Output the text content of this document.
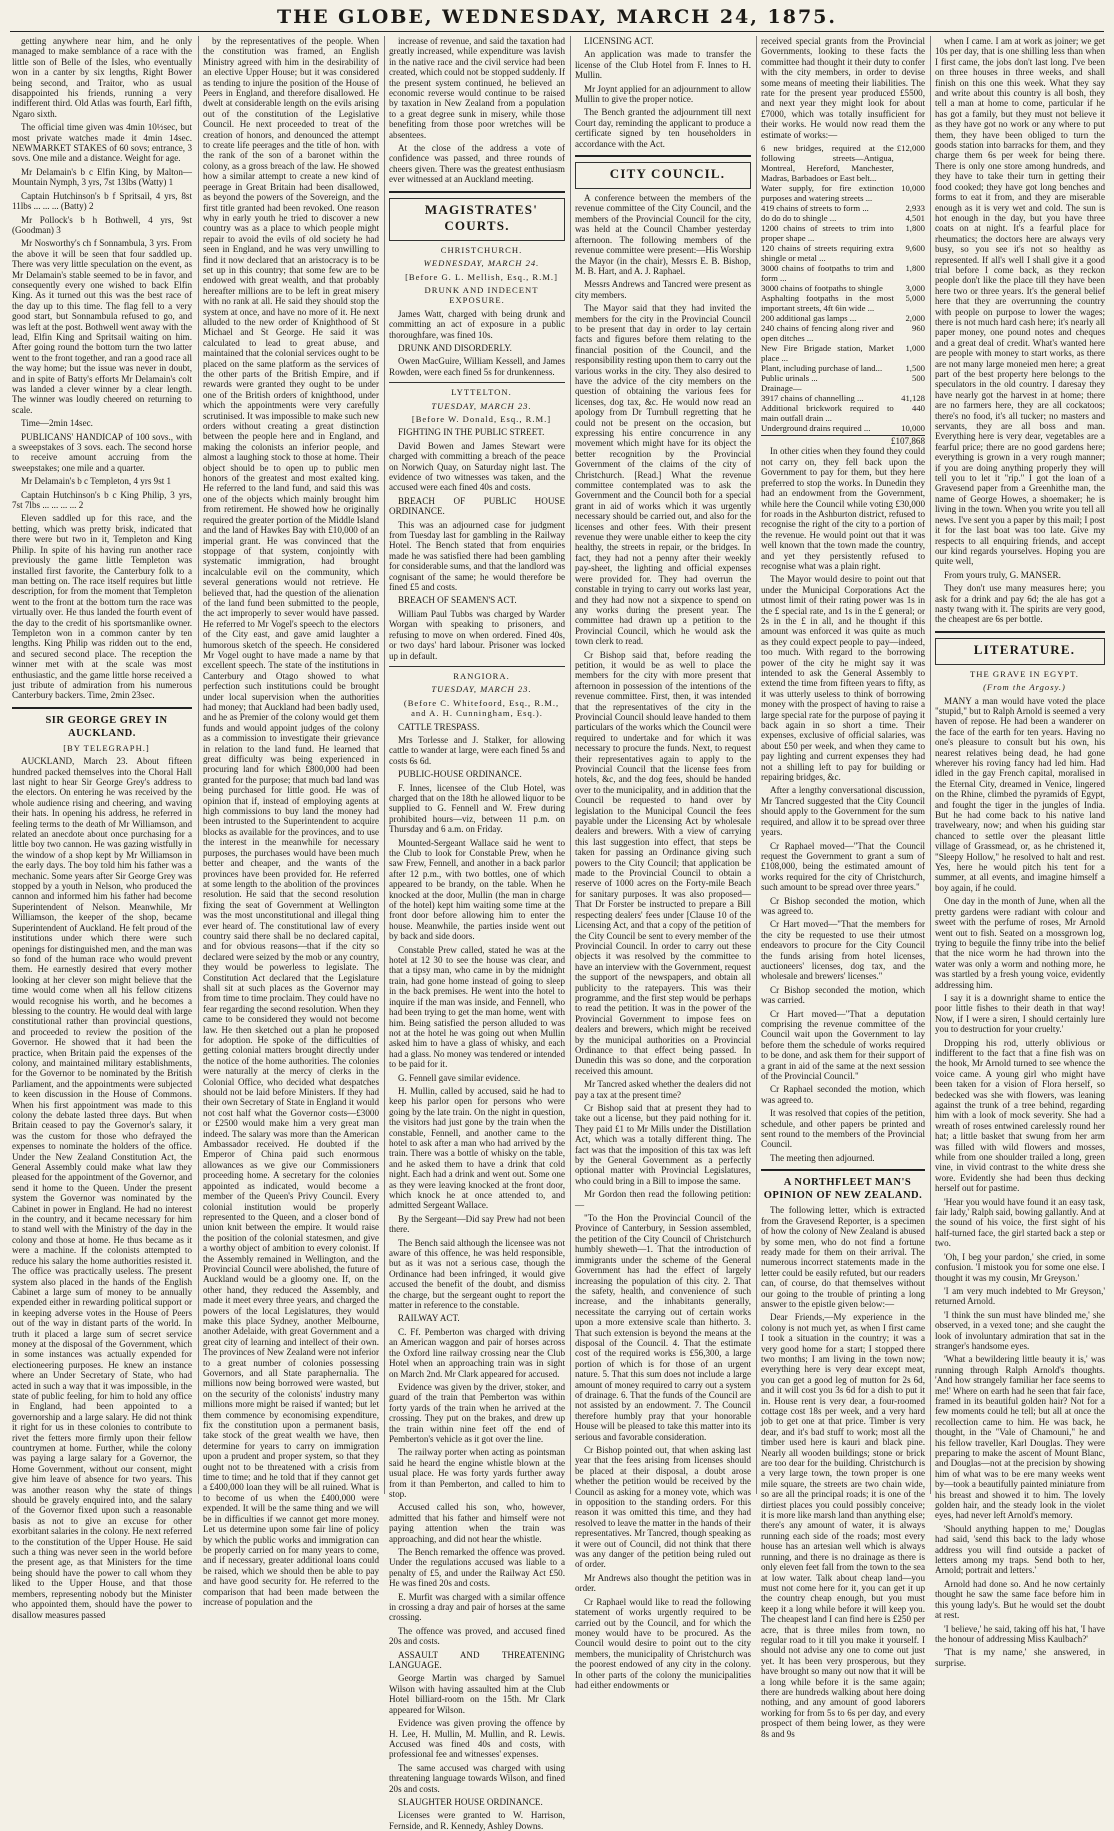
THE GLOBE, WEDNESDAY, MARCH 24, 1875.

getting anywhere near him, and he only managed to make semblance of a race with the little son of Belle of the Isles, who eventually won in a canter by six lengths, Right Bower being second, and Traitor, who as usual disappointed his friends, running a very indifferent third. Old Atlas was fourth, Earl fifth, Ngaro sixth.

The official time given was 4min 10½sec, but most private watches made it 4min 14sec. NEWMARKET STAKES of 60 sovs; entrance, 3 sovs. One mile and a distance. Weight for age.

Mr Delamain's b c Elfin King, by Malton—Mountain Nymph, 3 yrs, 7st 13lbs (Watty) 1

Captain Hutchinson's b f Spritsail, 4 yrs, 8st 11lbs ... ... ... (Batty) 2

Mr Pollock's b h Bothwell, 4 yrs, 9st (Goodman) 3

Mr Nosworthy's ch f Sonnambula, 3 yrs. From the above it will be seen that four saddled up. There was very little speculation on the event, as Mr Delamain's stable seemed to be in favor, and consequently every one wished to back Elfin King. As it turned out this was the best race of the day up to this time. The flag fell to a very good start, but Sonnambula refused to go, and was left at the post. Bothwell went away with the lead, Elfin King and Spritsail waiting on him. After going round the bottom turn the two latter went to the front together, and ran a good race all the way home; but the issue was never in doubt, and in spite of Batty's efforts Mr Delamain's colt was landed a clever winner by a clear length. The winner was loudly cheered on returning to scale.

Time—2min 14sec.

PUBLICANS' HANDICAP of 100 sovs., with a sweepstakes of 3 sovs. each. The second horse to receive amount accruing from the sweepstakes; one mile and a quarter.

Mr Delamain's b c Templeton, 4 yrs 9st 1

Captain Hutchinson's b c King Philip, 3 yrs, 7st 7lbs ... ... ... ... 2

Eleven saddled up for this race, and the betting, which was pretty brisk, indicated that there were but two in it, Templeton and King Philip. In spite of his having run another race previously the game little Templeton was installed first favorite, the Canterbury folk to a man betting on. The race itself requires but little description, for from the moment that Templeton went to the front at the bottom turn the race was virtually over. He thus landed the fourth event of the day to the credit of his sportsmanlike owner. Templeton won in a common canter by ten lengths. King Philip was ridden out to the end, and secured second place. The reception the winner met with at the scale was most enthusiastic, and the game little horse received a just tribute of admiration from his numerous Canterbury backers. Time, 2min 23sec.

SIR GEORGE GREY IN AUCKLAND.

[BY TELEGRAPH.]

AUCKLAND, March 23. About fifteen hundred packed themselves into the Choral Hall last night to hear Sir George Grey's address to the electors. On entering he was received by the whole audience rising and cheering, and waving their hats. In opening his address, he referred in feeling terms to the death of Mr Williamson, and related an anecdote about once purchasing for a little boy two cannon. He was gazing wistfully in the window of a shop kept by Mr Williamson in the early days. The boy told him his father was a mechanic. Some years after Sir George Grey was stopped by a youth in Nelson, who produced the cannon and informed him his father had become Superintendent of Nelson. Meanwhile, Mr Williamson, the keeper of the shop, became Superintendent of Auckland. He felt proud of the institutions under which there were such openings for distinguished men, and the man was so fond of the human race who would prevent them. He earnestly desired that every mother looking at her clever son might believe that the time would come when all his fellow citizens would recognise his worth, and he becomes a blessing to the country. He would deal with large constitutional rather than provincial questions, and proceeded to review the position of the Governor. He showed that it had been the practice, when Britain paid the expenses of the colony, and maintained military establishments, for the Governor to be nominated by the British Parliament, and the appointments were subjected to keen discussion in the House of Commons. When his first appointment was made to this colony the debate lasted three days. But when Britain ceased to pay the Governor's salary, it was the custom for those who defrayed the expenses to nominate the holders of the office. Under the New Zealand Constitution Act, the General Assembly could make what law they pleased for the appointment of the Governor, and send it home to the Queen. Under the present system the Governor was nominated by the Cabinet in power in England. He had no interest in the country, and it became necessary for him to stand well with the Ministry of the day in the colony and those at home. He thus became as it were a machine. If the colonists attempted to reduce his salary the home authorities resisted it. The office was practically useless. The present system also placed in the hands of the English Cabinet a large sum of money to be annually expended either in rewarding political support or in keeping adverse votes in the House of Peers out of the way in distant parts of the world. In truth it placed a large sum of secret service money at the disposal of the Government, which in some instances was actually expended for electioneering purposes. He knew an instance where an Under Secretary of State, who had acted in such a way that it was impossible, in the state of public feeling, for him to hold any office in England, had been appointed to a governorship and a large salary. He did not think it right for us in these colonies to contribute to rivet the fetters more firmly upon their fellow countrymen at home. Further, while the colony was paying a large salary for a Governor, the Home Government, without our consent, might give him leave of absence for two years. This was another reason why the state of things should be gravely enquired into, and the salary of the Governor fixed upon such a reasonable basis as not to give an excuse for other exorbitant salaries in the colony. He next referred to the constitution of the Upper House. He said such a thing was never seen in the world before the present age, as that Ministers for the time being should have the power to call whom they liked to the Upper House, and that those members, representing nobody but the Minister who appointed them, should have the power to disallow measures passed

by the representatives of the people. When the constitution was framed, an English Ministry agreed with him in the desirability of an elective Upper House; but it was considered as tending to injure the position of the House of Peers in England, and therefore disallowed. He dwelt at considerable length on the evils arising out of the constitution of the Legislative Council. He next proceeded to treat of the creation of honors, and denounced the attempt to create life peerages and the title of hon. with the rank of the son of a baronet within the colony, as a gross breach of the law. He showed how a similar attempt to create a new kind of peerage in Great Britain had been disallowed, as beyond the powers of the Sovereign, and the first title granted had been revoked. One reason why in early youth he tried to discover a new country was as a place to which people might repair to avoid the evils of old society he had seen in England, and he was very unwilling to find it now declared that an aristocracy is to be set up in this country; that some few are to be endowed with great wealth, and that probably hereafter millions are to be left in great misery with no rank at all. He said they should stop the system at once, and have no more of it. He next alluded to the new order of Knighthood of St Michael and St George. He said it was calculated to lead to great abuse, and maintained that the colonial services ought to be placed on the same platform as the services of the other parts of the British Empire, and if rewards were granted they ought to be under one of the British orders of knighthood, under which the appointments were very carefully scrutinised. It was impossible to make such new orders without creating a great distinction between the people here and in England, and making the colonists an inferior people, and almost a laughing stock to those at home. Their object should be to open up to public men honors of the greatest and most exalted king. He referred to the land fund, and said this was one of the objects which mainly brought him from retirement. He showed how he originally required the greater portion of the Middle Island and the land of Hawkes Bay with £10,000 of an imperial grant. He was convinced that the stoppage of that system, conjointly with systematic immigration, had brought incalculable evil on the community, which several generations would not retrieve. He believed that, had the question of the alienation of the land fund been submitted to the people, the act improperly to sever would have passed. He referred to Mr Vogel's speech to the electors of the City east, and gave amid laughter a humorous sketch of the speech. He considered Mr Vogel ought to have made a name by that excellent speech. The state of the institutions in Canterbury and Otago showed to what perfection such institutions could be brought under local supervision when the authorities had money; that Auckland had been badly used, and he as Premier of the colony would get them funds and would appoint judges of the colony as a commission to investigate their grievance in relation to the land fund. He learned that great difficulty was being experienced in procuring land for which £800,000 had been granted for the purpose; that much bad land was being purchased for little good. He was of opinion that if, instead of employing agents at high commissions to buy land the money had been intrusted to the Superintendent to acquire blocks as available for the provinces, and to use the interest in the meanwhile for necessary purposes, the purchases would have been much better and cheaper, and the wants of the provinces have been provided for. He referred at some length to the abolition of the provinces resolution. He said that the second resolution fixing the seat of Government at Wellington was the most unconstitutional and illegal thing ever heard of. The constitutional law of every country said there shall be no declared capital, and for obvious reasons—that if the city so declared were seized by the mob or any country, they would be powerless to legislate. The Constitution Act declared that the Legislature shall sit at such places as the Governor may from time to time proclaim. They could have no fear regarding the second resolution. When they came to be considered they would not become law. He then sketched out a plan he proposed for adoption. He spoke of the difficulties of getting colonial matters brought directly under the notice of the home authorities. The colonies were naturally at the mercy of clerks in the Colonial Office, who decided what despatches should not be laid before Ministers. If they had their own Secretary of State in England it would not cost half what the Governor costs—£3000 or £2500 would make him a very great man indeed. The salary was more than the American Ambassador received. He doubted if the Emperor of China paid such enormous allowances as we give our Commissioners proceeding home. A secretary for the colonies appointed as indicated, would become a member of the Queen's Privy Council. Every colonial institution would be properly represented to the Queen, and a closer bond of union knit between the empire. It would raise the position of the colonial statesmen, and give a worthy object of ambition to every colonist. If the Assembly remained in Wellington, and the Provincial Council were abolished, the future of Auckland would be a gloomy one. If, on the other hand, they reduced the Assembly, and made it meet every three years, and charged the powers of the local Legislatures, they would make this place Sydney, another Melbourne, another Adelaide, with great Government and a great city of learning and intellect of their own. The provinces of New Zealand were not inferior to a great number of colonies possessing Governors, and all State paraphernalia. The millions now being borrowed were wasted, but on the security of the colonists' industry many millions more might be raised if wanted; but let them commence by economising expenditure, fix the constitution upon a permanent basis, take stock of the great wealth we have, then determine for years to carry on immigration upon a prudent and proper system, so that they ought not to be threatened with a crisis from time to time; and he told that if they cannot get a £400,000 loan they will be all ruined. What is to become of us when the £400,000 were expended. It will be the same thing and we will be in difficulties if we cannot get more money. Let us determine upon some fair line of policy by which the public works and immigration can be properly carried on for many years to come, and if necessary, greater additional loans could be raised, which we should then be able to pay and have good security for. He referred to the comparison that had been made between the increase of population and the

increase of revenue, and said the taxation had greatly increased, while expenditure was lavish in the native race and the civil service had been created, which could not be stopped suddenly. If the present system continued, he believed an economic reverse would continue to be raised by taxation in New Zealand from a population to a great degree sunk in misery, while those benefiting from those poor wretches will be absentees.

At the close of the address a vote of confidence was passed, and three rounds of cheers given. There was the greatest enthusiasm ever witnessed at an Auckland meeting.

MAGISTRATES' COURTS.

CHRISTCHURCH.

WEDNESDAY, MARCH 24.

[Before G. L. Mellish, Esq., R.M.]

DRUNK AND INDECENT EXPOSURE.

James Watt, charged with being drunk and committing an act of exposure in a public thoroughfare, was fined 10s.

DRUNK AND DISORDERLY.

Owen MacGuire, William Kessell, and James Rowden, were each fined 5s for drunkenness.

LYTTELTON.

TUESDAY, MARCH 23.

[Before W. Donald, Esq., R.M.]

FIGHTING IN THE PUBLIC STREET.

David Bowen and James Stewart were charged with committing a breach of the peace on Norwich Quay, on Saturday night last. The evidence of two witnesses was taken, and the accused were each fined 40s and costs.

BREACH OF PUBLIC HOUSE ORDINANCE.

This was an adjourned case for judgment from Tuesday last for gambling in the Railway Hotel. The Bench stated that from enquiries made he was satisfied there had been gambling for considerable sums, and that the landlord was cognisant of the same; he would therefore be fined £5 and costs.

BREACH OF SEAMEN'S ACT.

William Paul Tubbs was charged by Warder Worgan with speaking to prisoners, and refusing to move on when ordered. Fined 40s, or two days' hard labour. Prisoner was locked up in default.

RANGIORA.

TUESDAY, MARCH 23.

(Before C. Whitefoord, Esq., R.M., and A. H. Cunningham, Esq.).

CATTLE TRESPASS.

Mrs Torlesse and J. Stalker, for allowing cattle to wander at large, were each fined 5s and costs 6s 6d.

PUBLIC-HOUSE ORDINANCE.

F. Innes, licensee of the Club Hotel, was charged that on the 18th he allowed liquor to be supplied to G. Fennell and W. Frew during prohibited hours—viz, between 11 p.m. on Thursday and 6 a.m. on Friday.

Mounted-Sergeant Wallace said he went to the Club to look for Constable Prew, when he saw Frew, Fennell, and another in a back parlor after 12 p.m., with two bottles, one of which appeared to be brandy, on the table. When he knocked at the door, Mullin (the man in charge of the hotel) kept him waiting some time at the front door before allowing him to enter the house. Meanwhile, the parties inside went out by back and side doors.

Constable Prew called, stated he was at the hotel at 12 30 to see the house was clear, and that a tipsy man, who came in by the midnight train, had gone home instead of going to sleep in the back premises. He went into the hotel to inquire if the man was inside, and Fennell, who had been trying to get the man home, went with him. Being satisfied the person alluded to was not at the hotel he was going out when Mullin asked him to have a glass of whisky, and each had a glass. No money was tendered or intended to be paid for it.

G. Fennell gave similar evidence.

H. Mullin, called by accused, said he had to keep his parlor open for persons who were going by the late train. On the night in question, the visitors had just gone by the train when the constable, Fennell, and another came to the hotel to ask after a man who had arrived by the train. There was a bottle of whisky on the table, and he asked them to have a drink that cold night. Each had a drink and went out. Some one as they were leaving knocked at the front door, which knock he at once attended to, and admitted Sergeant Wallace.

By the Sergeant—Did say Prew had not been there.

The Bench said although the licensee was not aware of this offence, he was held responsible, but as it was not a serious case, though the Ordinance had been infringed, it would give accused the benefit of the doubt, and dismiss the charge, but the sergeant ought to report the matter in reference to the constable.

RAILWAY ACT.

C. Ff. Pemberton was charged with driving an American waggon and pair of horses across the Oxford line railway crossing near the Club Hotel when an approaching train was in sight on March 2nd. Mr Clark appeared for accused.

Evidence was given by the driver, stoker, and guard of the train that Pemberton was within forty yards of the train when he arrived at the crossing. They put on the brakes, and drew up the train within nine feet off the end of Pemberton's vehicle as it got over the line.

The railway porter when acting as pointsman said he heard the engine whistle blown at the usual place. He was forty yards further away from it than Pemberton, and called to him to stop.

Accused called his son, who, however, admitted that his father and himself were not paying attention when the train was approaching, and did not hear the whistle.

The Bench remarked the offence was proved. Under the regulations accused was liable to a penalty of £5, and under the Railway Act £50. He was fined 20s and costs.

E. Murfit was charged with a similar offence in crossing a dray and pair of horses at the same crossing.

The offence was proved, and accused fined 20s and costs.

ASSAULT AND THREATENING LANGUAGE.

George Martin was charged by Samuel Wilson with having assaulted him at the Club Hotel billiard-room on the 15th. Mr Clark appeared for Wilson.

Evidence was given proving the offence by H. Lee, H. Mullin, M. Mullin, and R. Lewis. Accused was fined 40s and costs, with professional fee and witnesses' expenses.

The same accused was charged with using threatening language towards Wilson, and fined 20s and costs.

SLAUGHTER HOUSE ORDINANCE.

Licenses were granted to W. Harrison, Fernside, and R. Kennedy, Ashley Downs.

LICENSING ACT.

An application was made to transfer the license of the Club Hotel from F. Innes to H. Mullin.

Mr Joynt applied for an adjournment to allow Mullin to give the proper notice.

The Bench granted the adjournment till next Court day, reminding the applicant to produce a certificate signed by ten householders in accordance with the Act.

CITY COUNCIL.

A conference between the members of the revenue committee of the City Council, and the members of the Provincial Council for the city, was held at the Council Chamber yesterday afternoon. The following members of the revenue committee were present:—His Worship the Mayor (in the chair), Messrs E. B. Bishop, M. B. Hart, and A. J. Raphael.

Messrs Andrews and Tancred were present as city members.

The Mayor said that they had invited the members for the city in the Provincial Council to be present that day in order to lay certain facts and figures before them relating to the financial position of the Council, and the responsibility resting upon them to carry out the various works in the city. They also desired to have the advice of the city members on the question of obtaining the various fees for licenses, dog tax, &c. He would now read an apology from Dr Turnbull regretting that he could not be present on the occasion, but expressing his entire concurrence in any movement which might have for its object the better recognition by the Provincial Government of the claims of the city of Christchurch. [Read.] What the revenue committee contemplated was to ask the Government and the Council both for a special grant in aid of works which it was urgently necessary should be carried out, and also for the licenses and other fees. With their present revenue they were unable either to keep the city healthy, the streets in repair, or the bridges. In fact, they had not a penny after their weekly pay-sheet, the lighting and official expenses were provided for. They had overrun the constable in trying to carry out works last year, and they had now not a sixpence to spend on any works during the present year. The committee had drawn up a petition to the Provincial Council, which he would ask the town clerk to read.

Cr Bishop said that, before reading the petition, it would be as well to place the members for the city with more present that afternoon in possession of the intentions of the revenue committee. First, then, it was intended that the representatives of the city in the Provincial Council should leave handed to them particulars of the works which the Council were required to undertake and for which it was necessary to procure the funds. Next, to request their representatives again to apply to the Provincial Council that the license fees from hotels, &c, and the dog fees, should be handed over to the municipality, and in addition that the Council be requested to hand over by legislation to the Municipal Council the fees payable under the Licensing Act by wholesale dealers and brewers. With a view of carrying this last suggestion into effect, that steps be taken for passing an Ordinance giving such powers to the City Council; that application be made to the Provincial Council to obtain a reserve of 1000 acres on the Forty-mile Beach for sanitary purposes. It was also proposed—That Dr Forster be instructed to prepare a Bill respecting dealers' fees under [Clause 10 of the Licensing Act, and that a copy of the petition of the City Council be sent to every member of the Provincial Council. In order to carry out these objects it was resolved by the committee to have an interview with the Government, request the support of the newspapers, and obtain all publicity to the ratepayers. This was their programme, and the first step would be perhaps to read the petition. It was in the power of the Provincial Government to impose fees on dealers and brewers, which might be received by the municipal authorities on a Provincial Ordinance to that effect being passed. In Dunedin this was so done, and the corporation received this amount.

Mr Tancred asked whether the dealers did not pay a tax at the present time?

Cr Bishop said that at present they had to take out a license, but they paid nothing for it. They paid £1 to Mr Mills under the Distillation Act, which was a totally different thing. The fact was that the imposition of this tax was left by the General Government as a perfectly optional matter with Provincial Legislatures, who could bring in a Bill to impose the same.

Mr Gordon then read the following petition:—

"To the Hon the Provincial Council of the Province of Canterbury, in Session assembled, the petition of the City Council of Christchurch humbly sheweth—1. That the introduction of immigrants under the scheme of the General Government has had the effect of largely increasing the population of this city. 2. That the safety, health, and convenience of such increase, and the inhabitants generally, necessitate the carrying out of certain works upon a more extensive scale than hitherto. 3. That such extension is beyond the means at the disposal of the Council. 4. That the estimate cost of the required works is £56,300, a large portion of which is for those of an urgent nature. 5. That this sum does not include a large amount of money required to carry out a system of drainage. 6. That the funds of the Council are not assisted by an endowment. 7. The Council therefore humbly pray that your honorable House will be pleased to take this matter into its serious and favorable consideration.

Cr Bishop pointed out, that when asking last year that the fees arising from licenses should be placed at their disposal, a doubt arose whether the petition would be received by the Council as asking for a money vote, which was in opposition to the standing orders. For this reason it was omitted this time, and they had resolved to leave the matter in the hands of their representatives. Mr Tancred, though speaking as it were out of Council, did not think that there was any danger of the petition being ruled out of order.

Mr Andrews also thought the petition was in order.

Cr Raphael would like to read the following statement of works urgently required to be carried out by the Council, and for which the money would have to be procured. As the Council would desire to point out to the city members, the municipality of Christchurch was the poorest endowed of any city in the colony. In other parts of the colony the municipalities had either endowments or

received special grants from the Provincial Governments, looking to these facts the committee had thought it their duty to confer with the city members, in order to devise some means of meeting their liabilities. The rate for the present year produced £5500, and next year they might look for about £7000, which was totally insufficient for their works. He would now read them the estimate of works:—

6 new bridges, required at the following streets—Antigua, Montreal, Hereford, Manchester, Madras, Barbadoes or East belt...	£12,000
Water supply, for fire extinction purposes and watering streets ...	10,000
419 chains of streets to form ...	2,933
do do do to shingle ...	4,501
1200 chains of streets to trim into proper shape ...	1,800
120 chains of streets requiring extra shingle or metal ...	9,600
3000 chains of footpaths to trim and form ...	1,800
3000 chains of footpaths to shingle	3,000
Asphalting footpaths in the most important streets, 4ft 6in wide ...	5,000
200 additional gas lamps ...	2,000
240 chains of fencing along river and open ditches ...	960
New Fire Brigade station, Market place ...	1,000
Plant, including purchase of land...	1,500
Public urinals ...	500
Drainage—	
3917 chains of channelling ...	41,128
Additional brickwork required to main outfall drain ...	440
Underground drains required ...	10,000
£107,868

In other cities when they found they could not carry on, they fell back upon the Government to pay for them, but they here preferred to stop the works. In Dunedin they had an endowment from the Government, while here the Council while voting £30,000 for roads in the Ashburton district, refused to recognise the right of the city to a portion of the revenue. He would point out that it was well known that the town made the country, and yet they persistently refused to recognise what was a plain right.

The Mayor would desire to point out that under the Municipal Corporations Act the utmost limit of their rating power was 1s in the £ special rate, and 1s in the £ general; or 2s in the £ in all, and he thought if this amount was enforced it was quite as much as they could expect people to pay—indeed, too much. With regard to the borrowing power of the city he might say it was intended to ask the General Assembly to extend the time from fifteen years to fifty, as it was utterly useless to think of borrowing money with the prospect of having to raise a large special rate for the purpose of paying it back again in so short a time. Their expenses, exclusive of official salaries, was about £50 per week, and when they came to pay lighting and current expenses they had not a shilling left to pay for building or repairing bridges, &c.

After a lengthy conversational discussion, Mr Tancred suggested that the City Council should apply to the Government for the sum required, and allow it to be spread over three years.

Cr Raphael moved—"That the Council request the Government to grant a sum of £108,000, being the estimated amount of works required for the city of Christchurch, such amount to be spread over three years."

Cr Bishop seconded the motion, which was agreed to.

Cr Hart moved—"That the members for the city be requested to use their utmost endeavors to procure for the City Council the funds arising from hotel licenses, auctioneers' licenses, dog tax, and the wholesale and brewers' licenses."

Cr Bishop seconded the motion, which was carried.

Cr Hart moved—"That a deputation comprising the revenue committee of the Council wait upon the Government to lay before them the schedule of works required to be done, and ask them for their support of a grant in aid of the same at the next session of the Provincial Council."

Cr Raphael seconded the motion, which was agreed to.

It was resolved that copies of the petition, schedule, and other papers be printed and sent round to the members of the Provincial Council.

The meeting then adjourned.

A NORTHFLEET MAN'S OPINION OF NEW ZEALAND.

The following letter, which is extracted from the Gravesend Reporter, is a specimen of how the colony of New Zealand is abused by some men, who do not find a fortune ready made for them on their arrival. The numerous incorrect statements made in the letter could be easily refuted, but our readers can, of course, do that themselves without our going to the trouble of printing a long answer to the epistle given below:—

Dear Friends,—My experience in the colony is not much yet, as when I first came I took a situation in the country; it was a very good home for a start; I stopped there two months; I am living in the town now; everything here is very dear except meat, you can get a good leg of mutton for 2s 6d, and it will cost you 3s 6d for a dish to put it in. House rent is very dear, a four-roomed cottage cost 18s per week, and a very hard job to get one at that price. Timber is very dear, and it's bad stuff to work; most all the timber used here is kauri and black pine. Nearly all wooden buildings; stone or brick are too dear for the building. Christchurch is a very large town, the town proper is one mile square, the streets are two chain wide, so are all the principal roads; it is one of the dirtiest places you could possibly conceive; it is more like marsh land than anything else; there's any amount of water, it is always running each side of the roads; most every house has an artesian well which is always running, and there is no drainage as there is only eleven feet fall from the town to the sea at low water. Talk about cheap land—you must not come here for it, you can get it up the country cheap enough, but you must keep it a long while before it will keep you. The cheapest land I can find here is £250 per acre, that is three miles from town, no regular road to it till you make it yourself. I should not advise any one to come out just yet. It has been very prosperous, but they have brought so many out now that it will be a long while before it is the same again; there are hundreds walking about here doing nothing, and any amount of good laborers working for from 5s to 6s per day, and every prospect of them being lower, as they were 8s and 9s

when I came. I am at work as joiner; we get 10s per day, that is one shilling less than when I first came, the jobs don't last long. I've been on three houses in three weeks, and shall finish on this one this week. What they say and write about this country is all bosh, they tell a man at home to come, particular if he has got a family, but they must not believe it as they have got no work or any where to put them, they have been obliged to turn the goods station into barracks for them, and they charge them 6s per week for being there. There is only one store among hundreds, and they have to take their turn in getting their food cooked; they have got long benches and forms to eat it from, and they are miserable enough as it is very wet and cold. The sun is hot enough in the day, but you have three coats on at night. It's a fearful place for rheumatics; the doctors here are always very busy, so you see it's not so healthy as represented. If all's well I shall give it a good trial before I come back, as they reckon people don't like the place till they have been here two or three years. It's the general belief here that they are overrunning the country with people on purpose to lower the wages; there is not much hard cash here; it's nearly all paper money, one pound notes and cheques and a great deal of credit. What's wanted here are people with money to start works, as there are not many large moneied men here; a great part of the best property here belongs to the speculators in the old country. I daresay they have nearly got the harvest in at home; there are no farmers here, they are all cockatoos; there's no food, it's all tucker; no masters and servants, they are all boss and man. Everything here is very dear, vegetables are a fearful price; there are no good gardens here; everything is grown in a very rough manner; if you are doing anything properly they will tell you to let it "rip." I got the loan of a Gravesend paper from a Greenhithe man, the name of George Howes, a shoemaker; he is living in the town. When you write you tell all news. I've sent you a paper by this mail; I post it for the last boat was too late. Give my respects to all enquiring friends, and accept our kind regards yourselves. Hoping you are quite well,

From yours truly, G. MANSER.

They don't use many measures here; you ask for a drink and pay 6d; the ale has got a nasty twang with it. The spirits are very good, the cheapest are 6s per bottle.

LITERATURE.

THE GRAVE IN EGYPT.

(From the Argosy.)

MANY a man would have voted the place "stupid," but to Ralph Arnold is seemed a very haven of repose. He had been a wanderer on the face of the earth for ten years. Having no one's pleasure to consult but his own, his nearest relatives being dead, he had gone wherever his roving fancy had led him. Had idled in the gay French capital, moralised in the Eternal City, dreamed in Venice, lingered on the Rhine, climbed the pyramids of Egypt, and fought the tiger in the jungles of India. But he had come back to his native land travelweary, now; and when his guiding star chanced to settle over the pleasant little village of Grassmead, or, as he christened it, "Sleepy Hollow," he resolved to halt and rest. Yes, here he would pitch his tent for a summer, at all events, and imagine himself a boy again, if he could.

One day in the month of June, when all the pretty gardens were radiant with colour and sweet with the perfume of roses, Mr Arnold went out to fish. Seated on a mossgrown log, trying to beguile the finny tribe into the belief that the nice worm he had thrown into the water was only a worm and nothing more, he was startled by a fresh young voice, evidently addressing him.

I say it is a downright shame to entice the poor little fishes to their death in that way! Now, if I were a siren, I should certainly lure you to destruction for your cruelty.'

Dropping his rod, utterly oblivious or indifferent to the fact that a fine fish was on the hook, Mr Arnold turned to see whence the voice came. A young girl who might have been taken for a vision of Flora herself, so bedecked was she with flowers, was leaning against the trunk of a tree behind, regarding him with a look of mock severity. She had a wreath of roses entwined carelessly round her hat; a little basket that swung from her arm was filled with wild flowers and mosses, while from one shoulder trailed a long, green vine, in vivid contrast to the white dress she wore. Evidently she had been thus decking herself out for pastime.

'Hear you would have found it an easy task, fair lady,' Ralph said, bowing gallantly. And at the sound of his voice, the first sight of his half-turned face, the girl started back a step or two.

'Oh, I beg your pardon,' she cried, in some confusion. 'I mistook you for some one else. I thought it was my cousin, Mr Greyson.'

'I am very much indebted to Mr Greyson,' returned Arnold.

'I think the sun must have blinded me,' she observed, in a vexed tone; and she caught the look of involuntary admiration that sat in the stranger's handsome eyes.

'What a bewildering little beauty it is,' was running through Ralph Arnold's thoughts. 'And how strangely familiar her face seems to me!' Where on earth had he seen that fair face, framed in its beautiful golden hair? Not for a few moments could he tell; but all at once the recollection came to him. He was back, he thought, in the "Vale of Chamouni," he and his fellow traveller, Karl Douglas. They were preparing to make the ascent of Mount Blanc, and Douglas—not at the precision by showing him of what was to be ere many weeks went by—took a beautifully painted miniature from his breast and showed it to him. The lovely golden hair, and the steady look in the violet eyes, had never left Arnold's memory.

'Should anything happen to me,' Douglas had said, 'send this back to the lady whose address you will find outside a packet of letters among my traps. Send both to her, Arnold; portrait and letters.'

Arnold had done so. And he now certainly thought he saw the same face before him in this young lady's. But he would set the doubt at rest.

'I believe,' he said, taking off his hat, 'I have the honour of addressing Miss Kaulbach?'

'That is my name,' she answered, in surprise.
